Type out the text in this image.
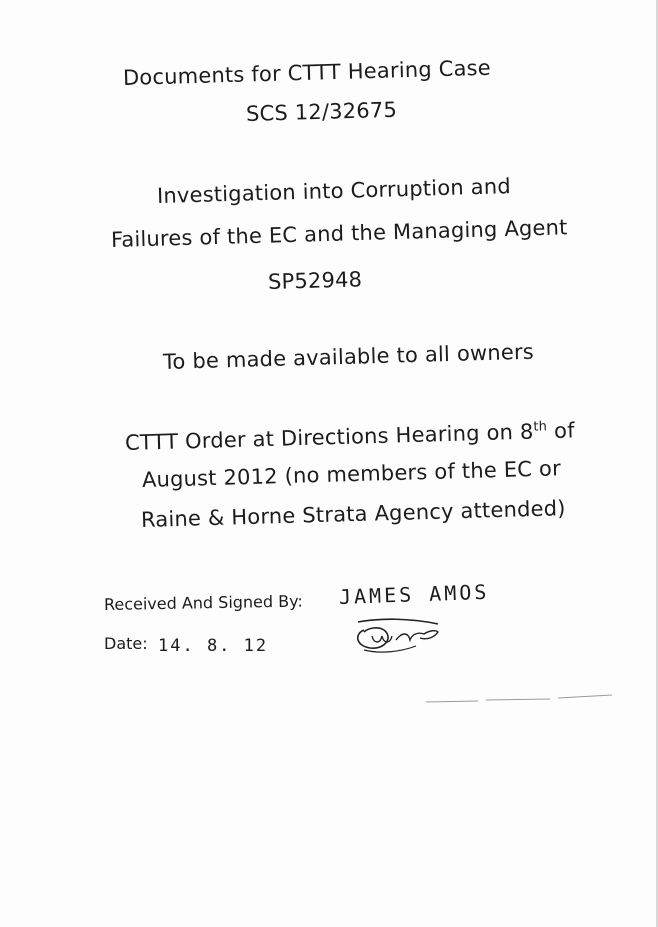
Documents for CTTT Hearing Case
SCS 12/32675
Investigation into Corruption and
Failures of the EC and the Managing Agent
SP52948
To be made available to all owners
CTTT Order at Directions Hearing on 8th of
August 2012 (no members of the EC or
Raine & Horne Strata Agency attended)
Received And Signed By: JAMES AMOS
Date: 14. 8. 12
